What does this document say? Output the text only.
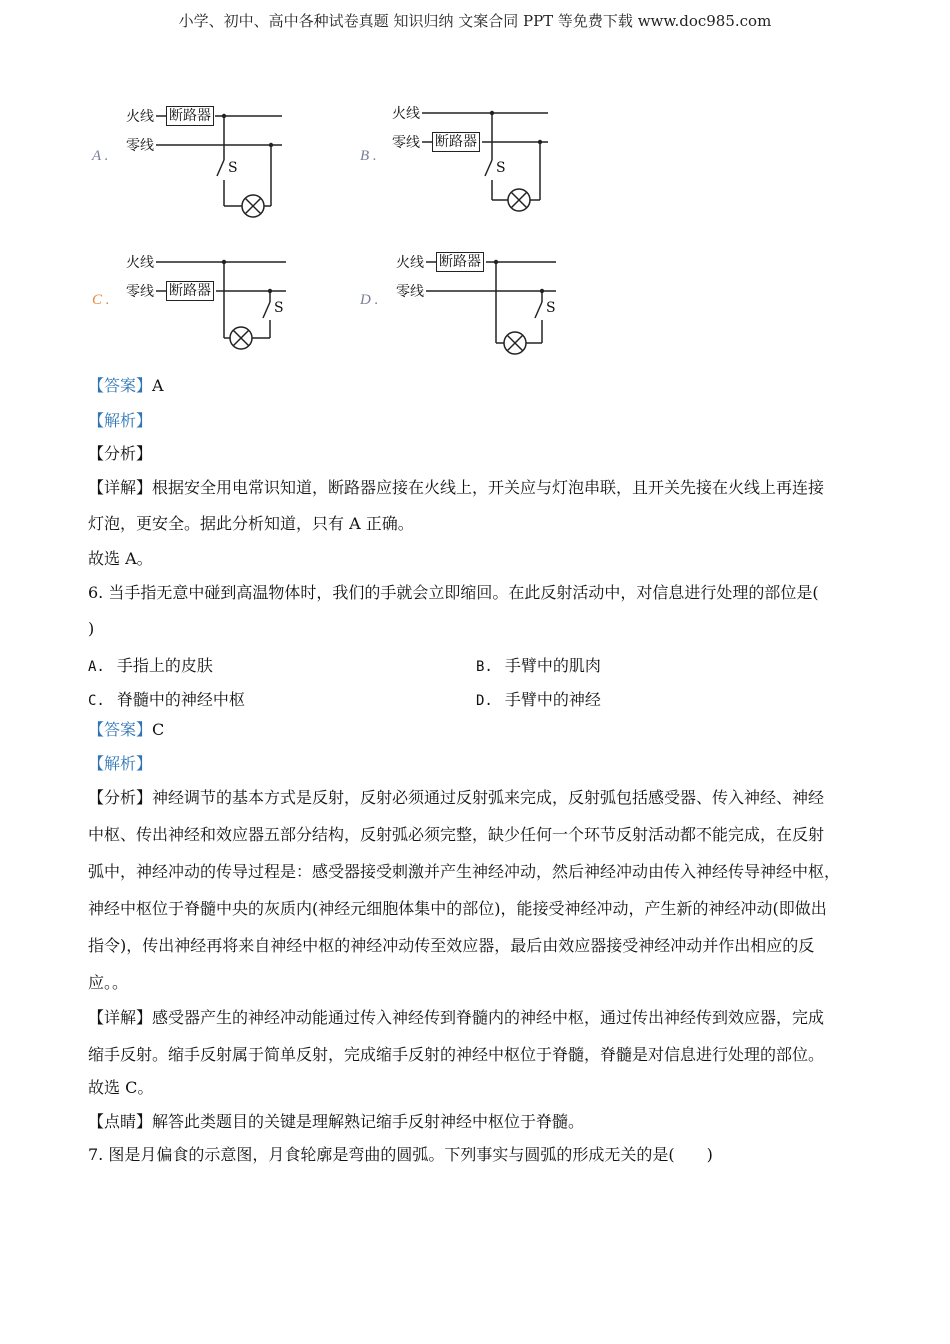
小学、初中、高中各种试卷真题 知识归纳 文案合同 PPT 等免费下载 www.doc985.com
A .
火线
零线
断路器
S
B .
火线
零线 断路器
S
C .
火线
零线 断路器
S	D .
火线
零线
断路器
S
【答案】A
【解析】
【分析】
【详解】根据安全用电常识知道，断路器应接在火线上，开关应与灯泡串联，且开关先接在火线上再连接
灯泡，更安全。据此分析知道，只有 A 正确。
故选 A。
6. 当手指无意中碰到高温物体时，我们的手就会立即缩回。在此反射活动中，对信息进行处理的部位是(
)
A. 手指上的皮肤	B. 手臂中的肌肉
C. 脊髓中的神经中枢	D. 手臂中的神经
【答案】C
【解析】
【分析】神经调节的基本方式是反射，反射必须通过反射弧来完成，反射弧包括感受器、传入神经、神经
中枢、传出神经和效应器五部分结构，反射弧必须完整，缺少任何一个环节反射活动都不能完成，在反射
弧中，神经冲动的传导过程是：感受器接受刺激并产生神经冲动，然后神经冲动由传入神经传导神经中枢，
神经中枢位于脊髓中央的灰质内(神经元细胞体集中的部位)，能接受神经冲动，产生新的神经冲动(即做出
指令)，传出神经再将来自神经中枢的神经冲动传至效应器，最后由效应器接受神经冲动并作出相应的反
应。。
【详解】感受器产生的神经冲动能通过传入神经传到脊髓内的神经中枢，通过传出神经传到效应器，完成
缩手反射。缩手反射属于简单反射，完成缩手反射的神经中枢位于脊髓，脊髓是对信息进行处理的部位。
故选 C。
【点睛】解答此类题目的关键是理解熟记缩手反射神经中枢位于脊髓。
7. 图是月偏食的示意图，月食轮廓是弯曲的圆弧。下列事实与圆弧的形成无关的是(　　)
